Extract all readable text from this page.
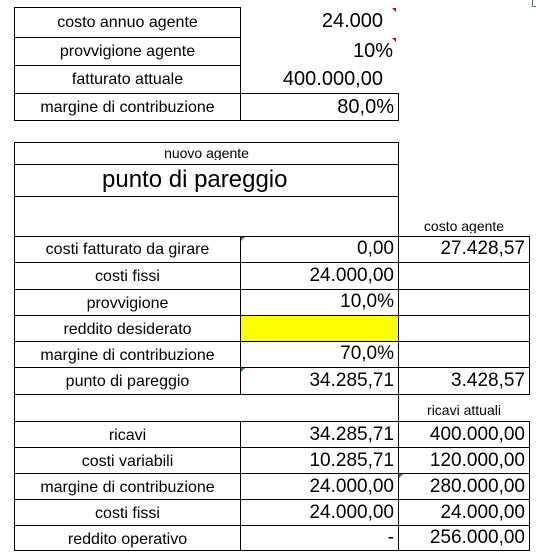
costo annuo agente	24.000
provvigione agente	10%
fatturato attuale	400.000,00
margine di contribuzione	80,0%
nuovo agente
punto di pareggio
costo agente
costi fatturato da girare	0,00	27.428,57
costi fissi	24.000,00
provvigione	10,0%
reddito desiderato
margine di contribuzione	70,0%
punto di pareggio	34.285,71	3.428,57
ricavi attuali
ricavi	34.285,71	400.000,00
costi variabili	10.285,71	120.000,00
margine di contribuzione	24.000,00	280.000,00
costi fissi	24.000,00	24.000,00
reddito operativo	-	256.000,00
